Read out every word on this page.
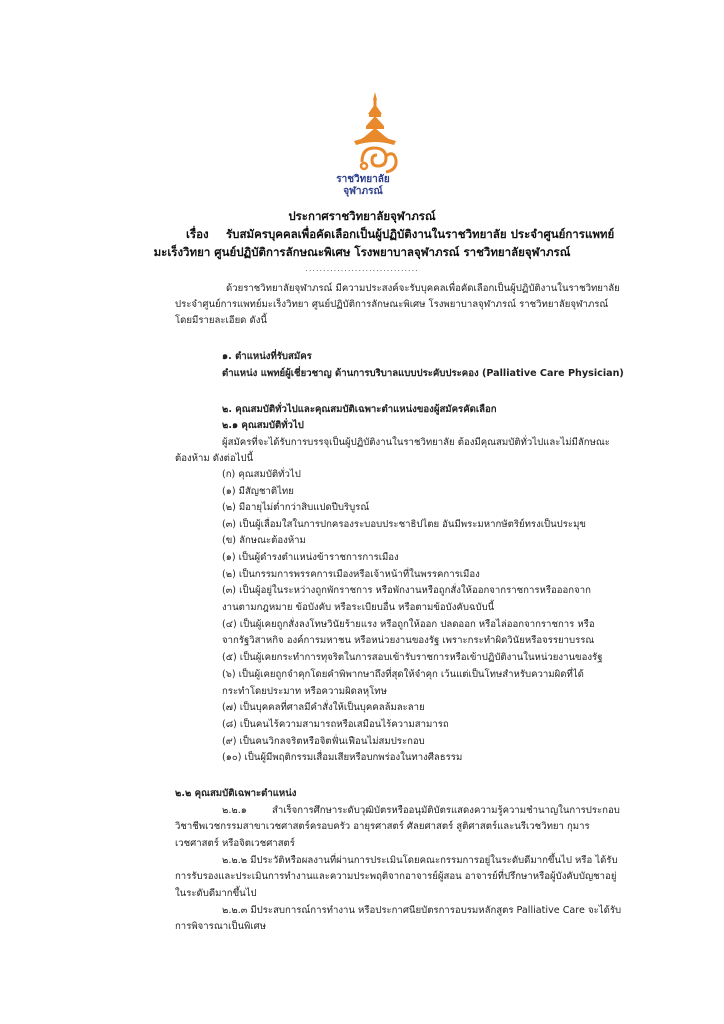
ราชวิทยาลัย
จุฬาภรณ์
ประกาศราชวิทยาลัยจุฬาภรณ์
เรื่อง รับสมัครบุคคลเพื่อคัดเลือกเป็นผู้ปฏิบัติงานในราชวิทยาลัย ประจำศูนย์การแพทย์
มะเร็งวิทยา ศูนย์ปฏิบัติการลักษณะพิเศษ โรงพยาบาลจุฬาภรณ์ ราชวิทยาลัยจุฬาภรณ์
................................
ด้วยราชวิทยาลัยจุฬาภรณ์ มีความประสงค์จะรับบุคคลเพื่อคัดเลือกเป็นผู้ปฏิบัติงานในราชวิทยาลัย
ประจำศูนย์การแพทย์มะเร็งวิทยา ศูนย์ปฏิบัติการลักษณะพิเศษ โรงพยาบาลจุฬาภรณ์ ราชวิทยาลัยจุฬาภรณ์
โดยมีรายละเอียด ดังนี้
๑. ตำแหน่งที่รับสมัคร
ตำแหน่ง แพทย์ผู้เชี่ยวชาญ ด้านการบริบาลแบบประคับประคอง (Palliative Care Physician)
๒. คุณสมบัติทั่วไปและคุณสมบัติเฉพาะตำแหน่งของผู้สมัครคัดเลือก
๒.๑ คุณสมบัติทั่วไป
ผู้สมัครที่จะได้รับการบรรจุเป็นผู้ปฏิบัติงานในราชวิทยาลัย ต้องมีคุณสมบัติทั่วไปและไม่มีลักษณะ
ต้องห้าม ดังต่อไปนี้
(ก) คุณสมบัติทั่วไป
(๑) มีสัญชาติไทย
(๒) มีอายุไม่ต่ำกว่าสิบแปดปีบริบูรณ์
(๓) เป็นผู้เลื่อมใสในการปกครองระบอบประชาธิปไตย อันมีพระมหากษัตริย์ทรงเป็นประมุข
(ข) ลักษณะต้องห้าม
(๑) เป็นผู้ดำรงตำแหน่งข้าราชการการเมือง
(๒) เป็นกรรมการพรรคการเมืองหรือเจ้าหน้าที่ในพรรคการเมือง
(๓) เป็นผู้อยู่ในระหว่างถูกพักราชการ หรือพักงานหรือถูกสั่งให้ออกจากราชการหรือออกจาก
งานตามกฎหมาย ข้อบังคับ หรือระเบียบอื่น หรือตามข้อบังคับฉบับนี้
(๔) เป็นผู้เคยถูกสั่งลงโทษวินัยร้ายแรง หรือถูกให้ออก ปลดออก หรือไล่ออกจากราชการ หรือ
จากรัฐวิสาหกิจ องค์การมหาชน หรือหน่วยงานของรัฐ เพราะกระทำผิดวินัยหรือจรรยาบรรณ
(๕) เป็นผู้เคยกระทำการทุจริตในการสอบเข้ารับราชการหรือเข้าปฏิบัติงานในหน่วยงานของรัฐ
(๖) เป็นผู้เคยถูกจำคุกโดยคำพิพากษาถึงที่สุดให้จำคุก เว้นแต่เป็นโทษสำหรับความผิดที่ได้
กระทำโดยประมาท หรือความผิดลหุโทษ
(๗) เป็นบุคคลที่ศาลมีคำสั่งให้เป็นบุคคลล้มละลาย
(๘) เป็นคนไร้ความสามารถหรือเสมือนไร้ความสามารถ
(๙) เป็นคนวิกลจริตหรือจิตฟั่นเฟือนไม่สมประกอบ
(๑๐) เป็นผู้มีพฤติกรรมเสื่อมเสียหรือบกพร่องในทางศีลธรรม
๒.๒ คุณสมบัติเฉพาะตำแหน่ง
๒.๒.๑	สำเร็จการศึกษาระดับวุฒิบัตรหรืออนุมัติบัตรแสดงความรู้ความชำนาญในการประกอบ
วิชาชีพเวชกรรมสาขาเวชศาสตร์ครอบครัว อายุรศาสตร์ ศัลยศาสตร์ สูติศาสตร์และนรีเวชวิทยา กุมาร
เวชศาสตร์ หรือจิตเวชศาสตร์
๒.๒.๒ มีประวัติหรือผลงานที่ผ่านการประเมินโดยคณะกรรมการอยู่ในระดับดีมากขึ้นไป หรือ ได้รับ
การรับรองและประเมินการทำงานและความประพฤติจากอาจารย์ผู้สอน อาจารย์ที่ปรึกษาหรือผู้บังคับบัญชาอยู่
ในระดับดีมากขึ้นไป
๒.๒.๓ มีประสบการณ์การทำงาน หรือประกาศนียบัตรการอบรมหลักสูตร Palliative Care จะได้รับ
การพิจารณาเป็นพิเศษ
